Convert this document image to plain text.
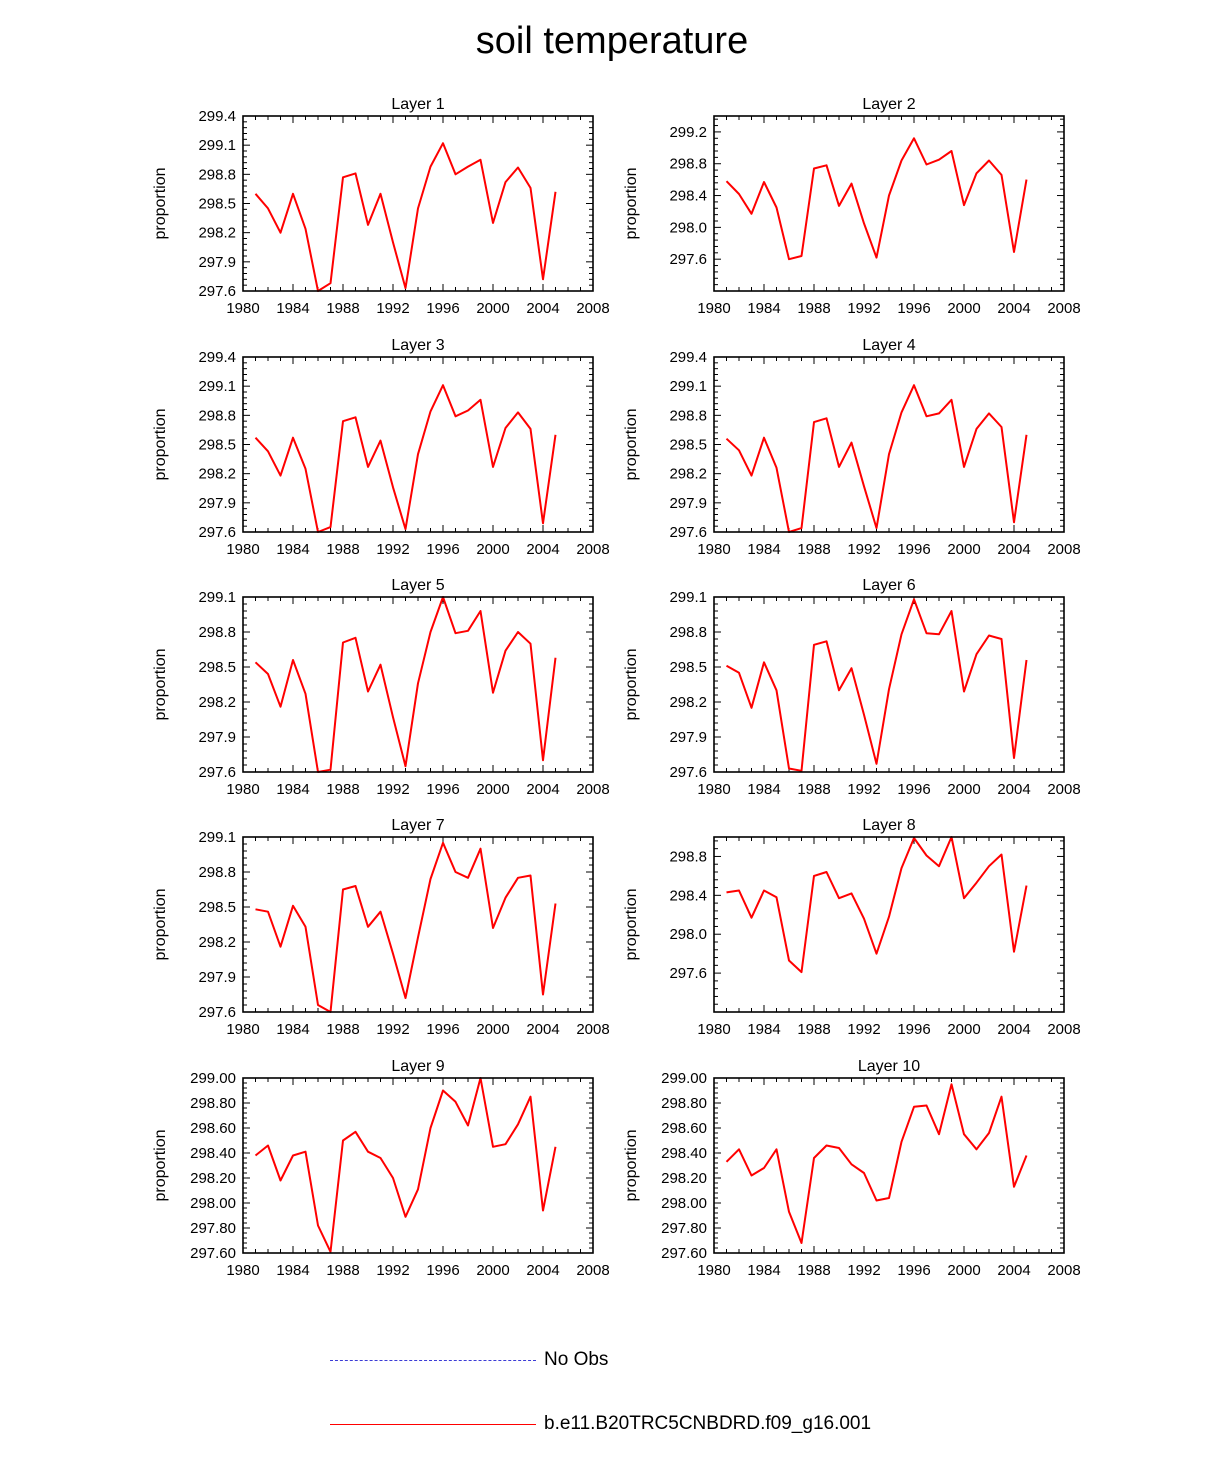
soil temperature
Layer 1
proportion
1980 1984 1988 1992 1996 2000 2004 2008
297.6
297.9
298.2
298.5
298.8
299.1
299.4
Layer 2
proportion
1980 1984 1988 1992 1996 2000 2004 2008
297.6
298.0
298.4
298.8
299.2
Layer 3
proportion
1980 1984 1988 1992 1996 2000 2004 2008
297.6
297.9
298.2
298.5
298.8
299.1
299.4
Layer 4
proportion
1980 1984 1988 1992 1996 2000 2004 2008
297.6
297.9
298.2
298.5
298.8
299.1
299.4
Layer 5
proportion
1980 1984 1988 1992 1996 2000 2004 2008
297.6
297.9
298.2
298.5
298.8
299.1
Layer 6
proportion
1980 1984 1988 1992 1996 2000 2004 2008
297.6
297.9
298.2
298.5
298.8
299.1
Layer 7
proportion
1980 1984 1988 1992 1996 2000 2004 2008
297.6
297.9
298.2
298.5
298.8
299.1
Layer 8
proportion
1980 1984 1988 1992 1996 2000 2004 2008
297.6
298.0
298.4
298.8
Layer 9
proportion
1980 1984 1988 1992 1996 2000 2004 2008
297.60
297.80
298.00
298.20
298.40
298.60
298.80
299.00
Layer 10
proportion
1980 1984 1988 1992 1996 2000 2004 2008
297.60
297.80
298.00
298.20
298.40
298.60
298.80
299.00
No Obs
b.e11.B20TRC5CNBDRD.f09_g16.001
